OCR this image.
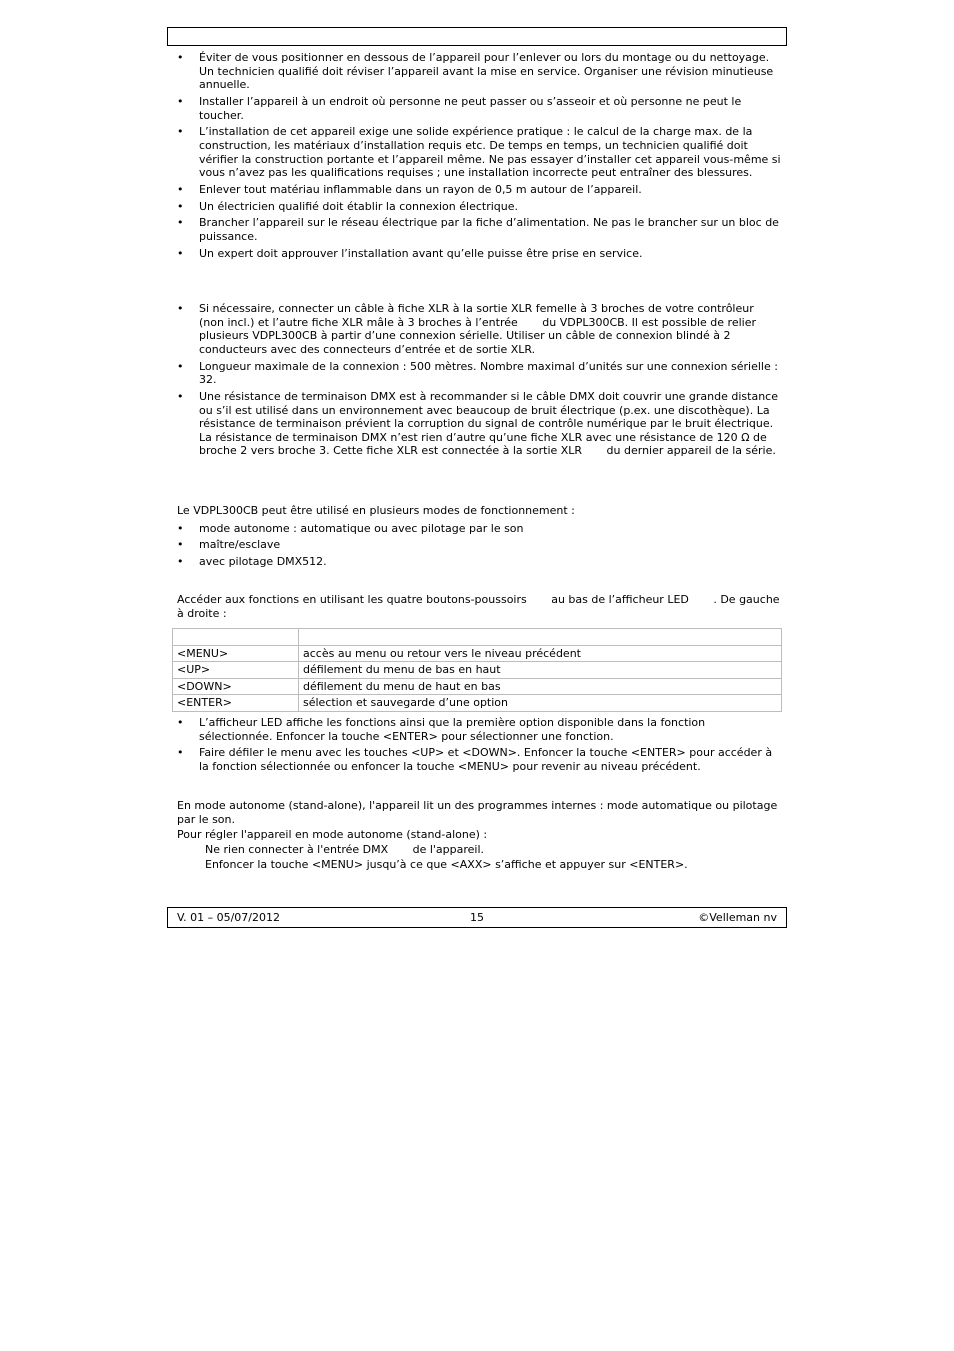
• Éviter de vous positionner en dessous de l’appareil pour l’enlever ou lors du montage ou du nettoyage. Un technicien qualifié doit réviser l’appareil avant la mise en service. Organiser une révision minutieuse annuelle.
• Installer l’appareil à un endroit où personne ne peut passer ou s’asseoir et où personne ne peut le toucher.
• L’installation de cet appareil exige une solide expérience pratique : le calcul de la charge max. de la construction, les matériaux d’installation requis etc. De temps en temps, un technicien qualifié doit vérifier la construction portante et l’appareil même. Ne pas essayer d’installer cet appareil vous-même si vous n’avez pas les qualifications requises ; une installation incorrecte peut entraîner des blessures.
• Enlever tout matériau inflammable dans un rayon de 0,5 m autour de l’appareil.
• Un électricien qualifié doit établir la connexion électrique.
• Brancher l’appareil sur le réseau électrique par la fiche d’alimentation. Ne pas le brancher sur un bloc de puissance.
• Un expert doit approuver l’installation avant qu’elle puisse être prise en service.
• Si nécessaire, connecter un câble à fiche XLR à la sortie XLR femelle à 3 broches de votre contrôleur (non incl.) et l’autre fiche XLR mâle à 3 broches à l’entrée       du VDPL300CB. Il est possible de relier plusieurs VDPL300CB à partir d’une connexion sérielle. Utiliser un câble de connexion blindé à 2 conducteurs avec des connecteurs d’entrée et de sortie XLR.
• Longueur maximale de la connexion : 500 mètres. Nombre maximal d’unités sur une connexion sérielle : 32.
• Une résistance de terminaison DMX est à recommander si le câble DMX doit couvrir une grande distance ou s’il est utilisé dans un environnement avec beaucoup de bruit électrique (p.ex. une discothèque). La résistance de terminaison prévient la corruption du signal de contrôle numérique par le bruit électrique. La résistance de terminaison DMX n’est rien d’autre qu’une fiche XLR avec une résistance de 120 Ω de broche 2 vers broche 3. Cette fiche XLR est connectée à la sortie XLR       du dernier appareil de la série.

Le VDPL300CB peut être utilisé en plusieurs modes de fonctionnement :

• mode autonome : automatique ou avec pilotage par le son
• maître/esclave
• avec pilotage DMX512.

Accéder aux fonctions en utilisant les quatre boutons-poussoirs       au bas de l’afficheur LED       . De gauche à droite :

<MENU>	accès au menu ou retour vers le niveau précédent
<UP>	défilement du menu de bas en haut
<DOWN>	défilement du menu de haut en bas
<ENTER>	sélection et sauvegarde d’une option
• L’afficheur LED affiche les fonctions ainsi que la première option disponible dans la fonction sélectionnée. Enfoncer la touche <ENTER> pour sélectionner une fonction.
• Faire défiler le menu avec les touches <UP> et <DOWN>. Enfoncer la touche <ENTER> pour accéder à la fonction sélectionnée ou enfoncer la touche <MENU> pour revenir au niveau précédent.

En mode autonome (stand-alone), l'appareil lit un des programmes internes : mode automatique ou pilotage par le son.

Pour régler l'appareil en mode autonome (stand-alone) :

Ne rien connecter à l'entrée DMX       de l'appareil.

Enfoncer la touche <MENU> jusqu’à ce que <AXX> s’affiche et appuyer sur <ENTER>.

V. 01 – 05/07/2012	15	©Velleman nv
